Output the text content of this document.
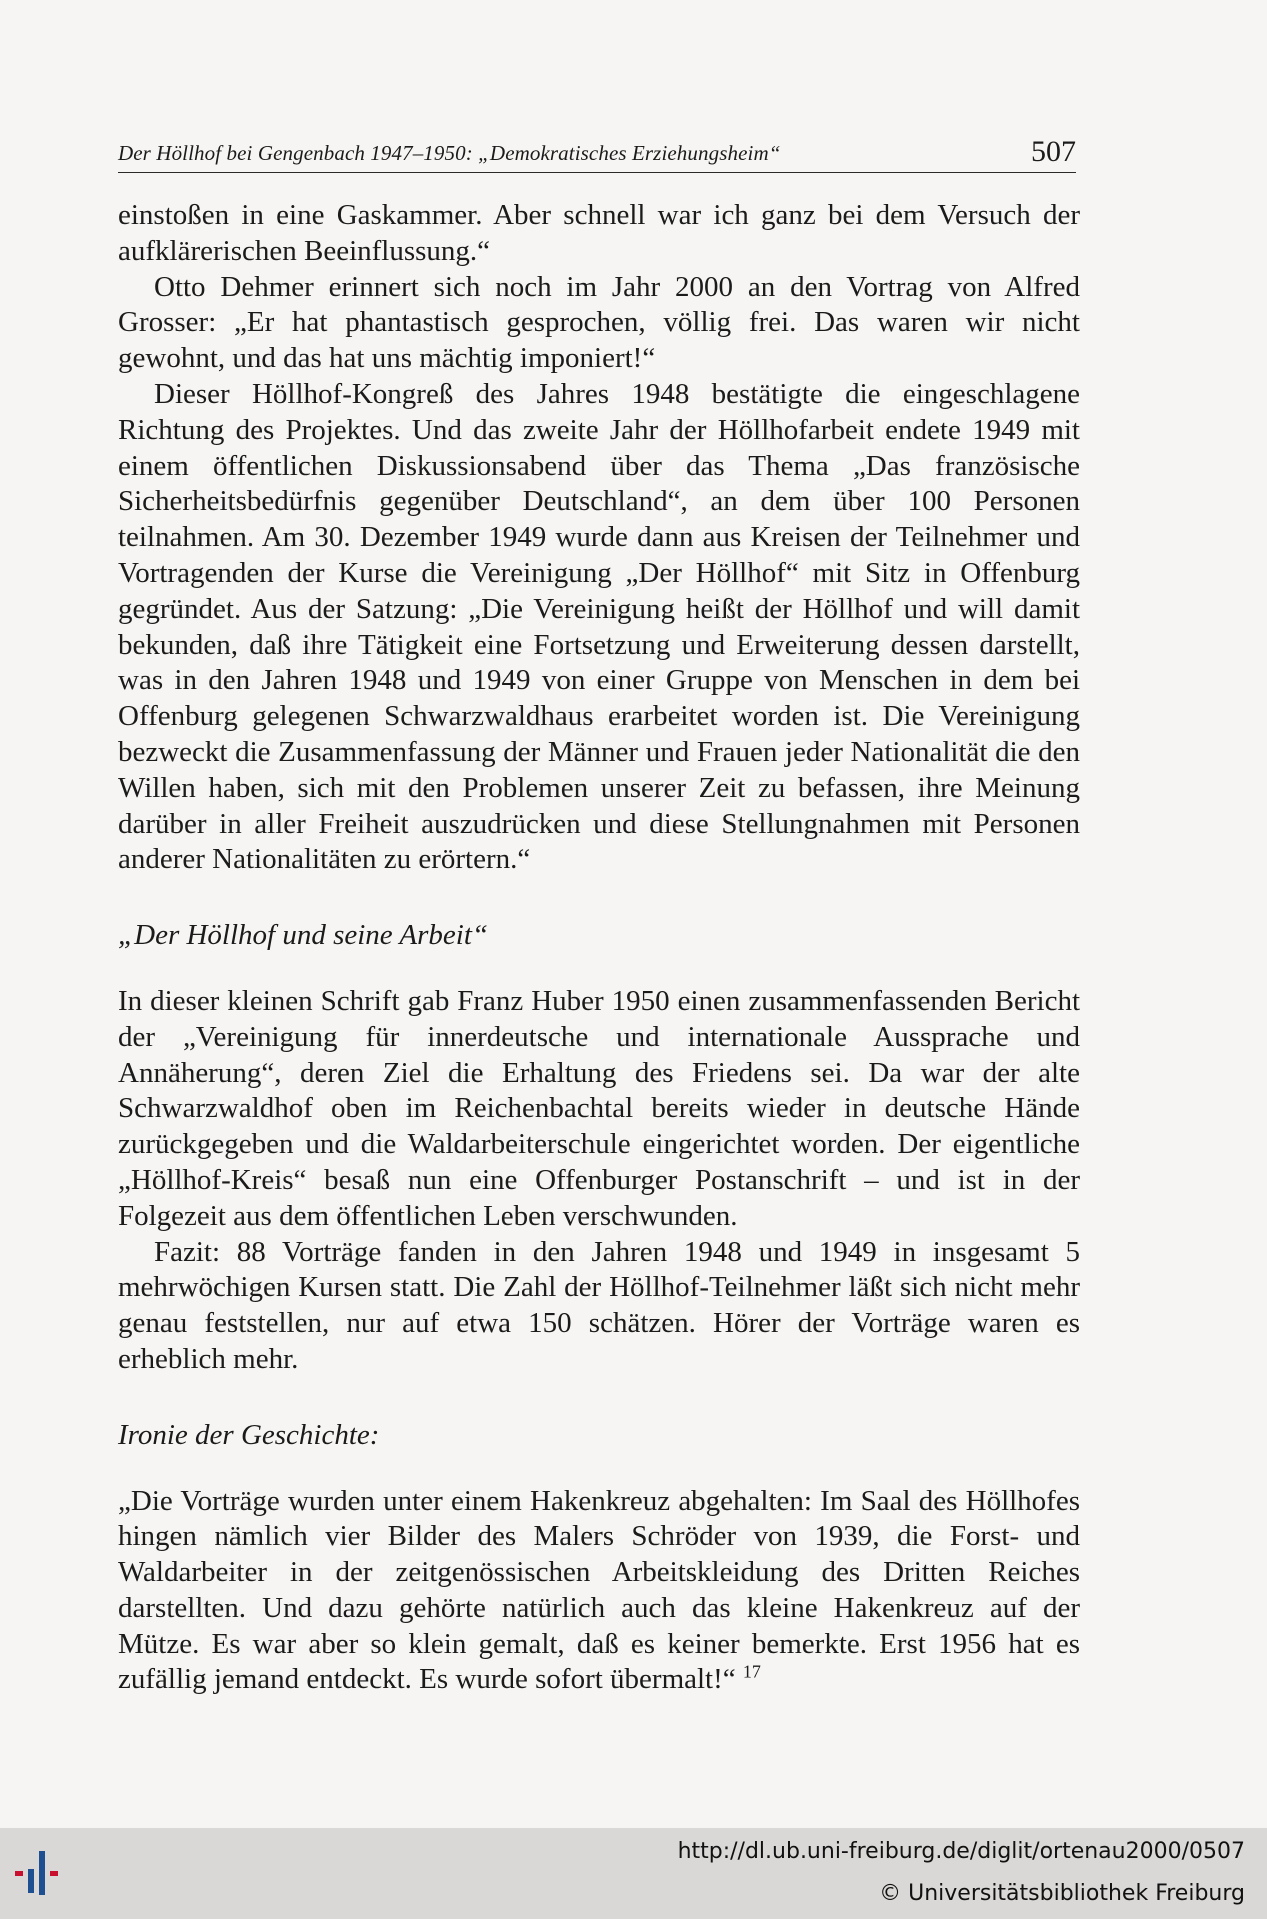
Der Höllhof bei Gengenbach 1947–1950: „Demokratisches Erziehungsheim“	507

einstoßen in eine Gaskammer. Aber schnell war ich ganz bei dem Versuch der aufklärerischen Beeinflussung.“

Otto Dehmer erinnert sich noch im Jahr 2000 an den Vortrag von Alfred Grosser: „Er hat phantastisch gesprochen, völlig frei. Das waren wir nicht gewohnt, und das hat uns mächtig imponiert!“

Dieser Höllhof-Kongreß des Jahres 1948 bestätigte die eingeschlagene Richtung des Projektes. Und das zweite Jahr der Höllhofarbeit endete 1949 mit einem öffentlichen Diskussionsabend über das Thema „Das französische Sicherheitsbedürfnis gegenüber Deutschland“, an dem über 100 Personen teilnahmen. Am 30. Dezember 1949 wurde dann aus Kreisen der Teilnehmer und Vortragenden der Kurse die Vereinigung „Der Höllhof“ mit Sitz in Offenburg gegründet. Aus der Satzung: „Die Vereinigung heißt der Höllhof und will damit bekunden, daß ihre Tätigkeit eine Fortsetzung und Erweiterung dessen darstellt, was in den Jahren 1948 und 1949 von einer Gruppe von Menschen in dem bei Offenburg gelegenen Schwarzwaldhaus erarbeitet worden ist. Die Vereinigung bezweckt die Zusammenfassung der Männer und Frauen jeder Nationalität die den Willen haben, sich mit den Problemen unserer Zeit zu befassen, ihre Meinung darüber in aller Freiheit auszudrücken und diese Stellungnahmen mit Personen anderer Nationalitäten zu erörtern.“

„Der Höllhof und seine Arbeit“

In dieser kleinen Schrift gab Franz Huber 1950 einen zusammenfassenden Bericht der „Vereinigung für innerdeutsche und internationale Aussprache und Annäherung“, deren Ziel die Erhaltung des Friedens sei. Da war der alte Schwarzwaldhof oben im Reichenbachtal bereits wieder in deutsche Hände zurückgegeben und die Waldarbeiterschule eingerichtet worden. Der eigentliche „Höllhof-Kreis“ besaß nun eine Offenburger Postanschrift – und ist in der Folgezeit aus dem öffentlichen Leben verschwunden.

Fazit: 88 Vorträge fanden in den Jahren 1948 und 1949 in insgesamt 5 mehrwöchigen Kursen statt. Die Zahl der Höllhof-Teilnehmer läßt sich nicht mehr genau feststellen, nur auf etwa 150 schätzen. Hörer der Vorträge waren es erheblich mehr.

Ironie der Geschichte:

„Die Vorträge wurden unter einem Hakenkreuz abgehalten: Im Saal des Höllhofes hingen nämlich vier Bilder des Malers Schröder von 1939, die Forst- und Waldarbeiter in der zeitgenössischen Arbeitskleidung des Dritten Reiches darstellten. Und dazu gehörte natürlich auch das kleine Hakenkreuz auf der Mütze. Es war aber so klein gemalt, daß es keiner bemerkte. Erst 1956 hat es zufällig jemand entdeckt. Es wurde sofort übermalt!“ $^{17}$

http://dl.ub.uni-freiburg.de/diglit/ortenau2000/0507
© Universitätsbibliothek Freiburg
